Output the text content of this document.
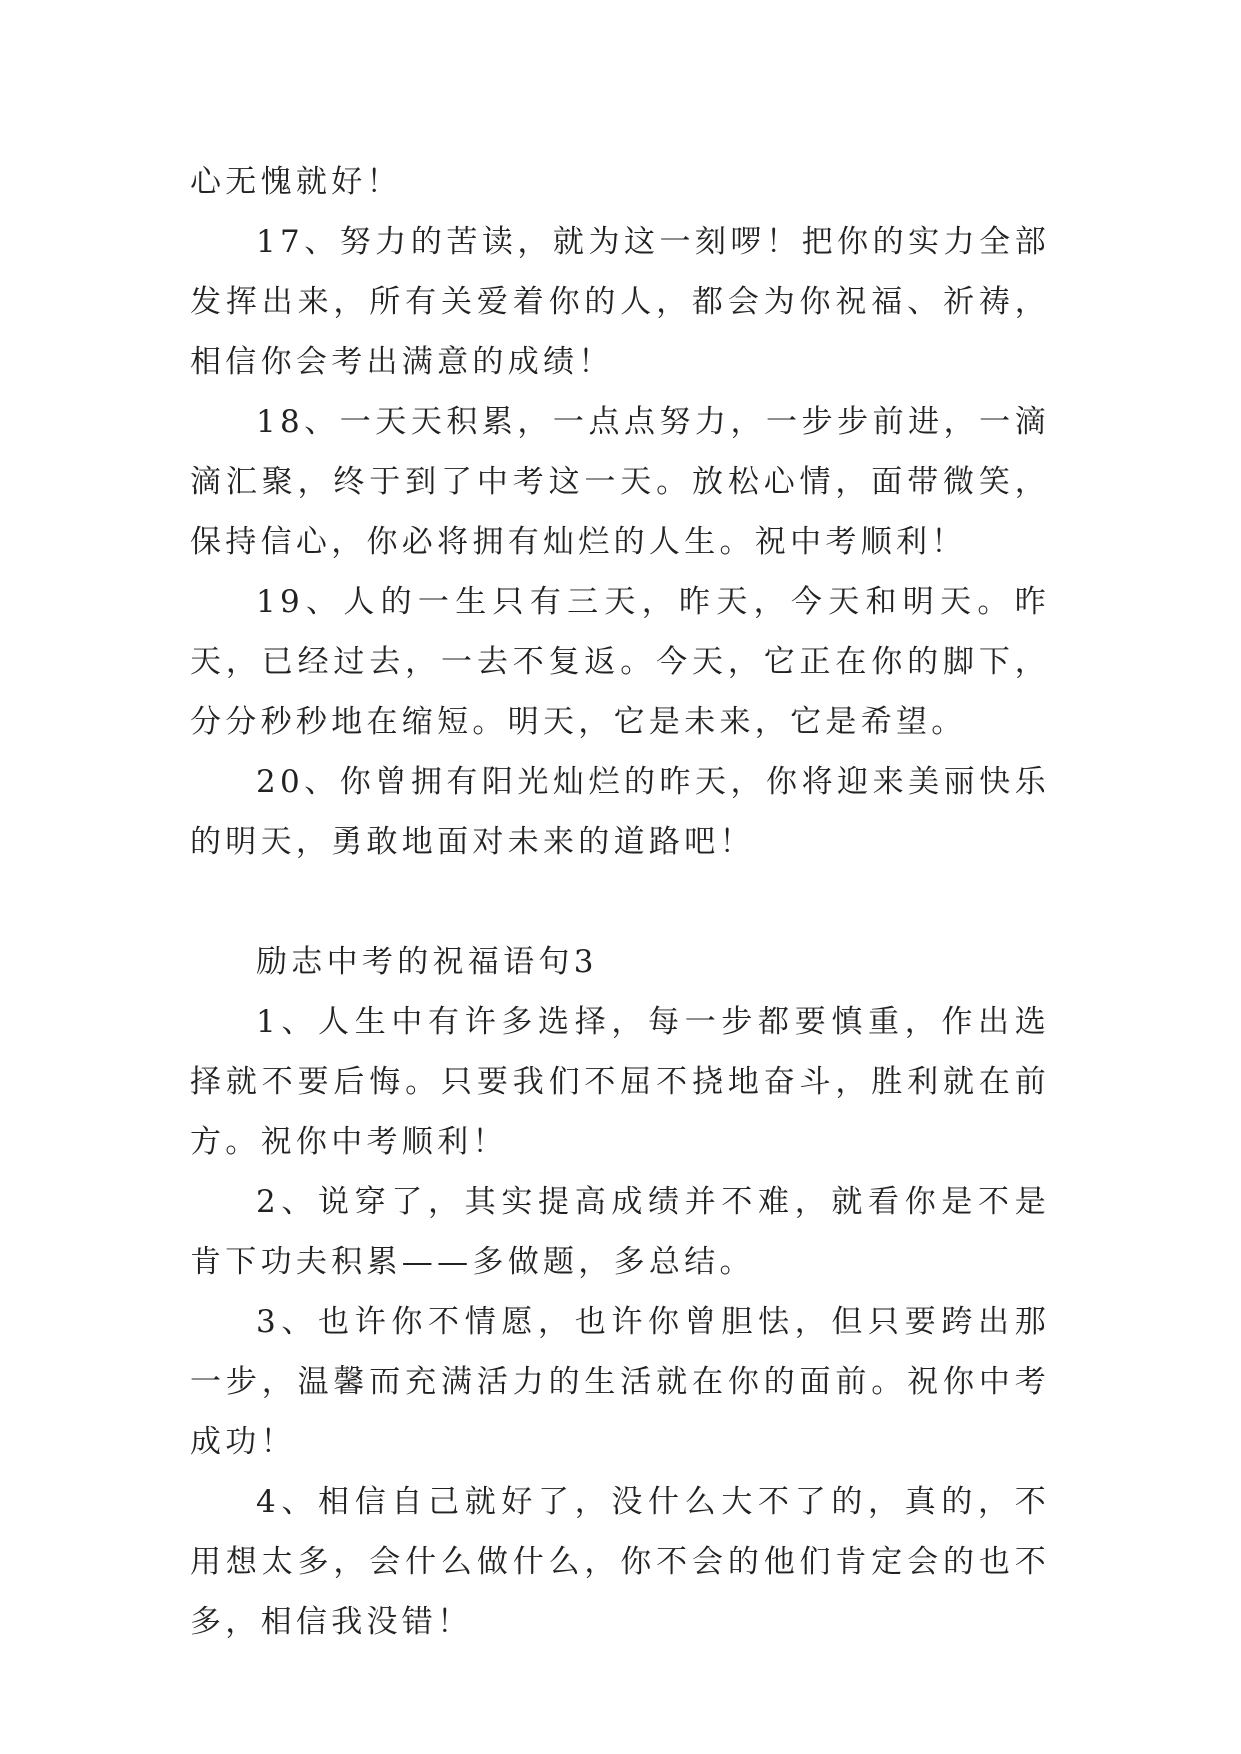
心无愧就好！

17、努力的苦读，就为这一刻啰！把你的实力全部发挥出来，所有关爱着你的人，都会为你祝福、祈祷，相信你会考出满意的成绩！

18、一天天积累，一点点努力，一步步前进，一滴滴汇聚，终于到了中考这一天。放松心情，面带微笑，保持信心，你必将拥有灿烂的人生。祝中考顺利！

19、人的一生只有三天，昨天，今天和明天。昨天，已经过去，一去不复返。今天，它正在你的脚下，分分秒秒地在缩短。明天，它是未来，它是希望。

20、你曾拥有阳光灿烂的昨天，你将迎来美丽快乐的明天，勇敢地面对未来的道路吧！

励志中考的祝福语句3

1、人生中有许多选择，每一步都要慎重，作出选择就不要后悔。只要我们不屈不挠地奋斗，胜利就在前方。祝你中考顺利！

2、说穿了，其实提高成绩并不难，就看你是不是肯下功夫积累——多做题，多总结。

3、也许你不情愿，也许你曾胆怯，但只要跨出那一步，温馨而充满活力的生活就在你的面前。祝你中考成功！

4、相信自己就好了，没什么大不了的，真的，不用想太多，会什么做什么，你不会的他们肯定会的也不多，相信我没错！
